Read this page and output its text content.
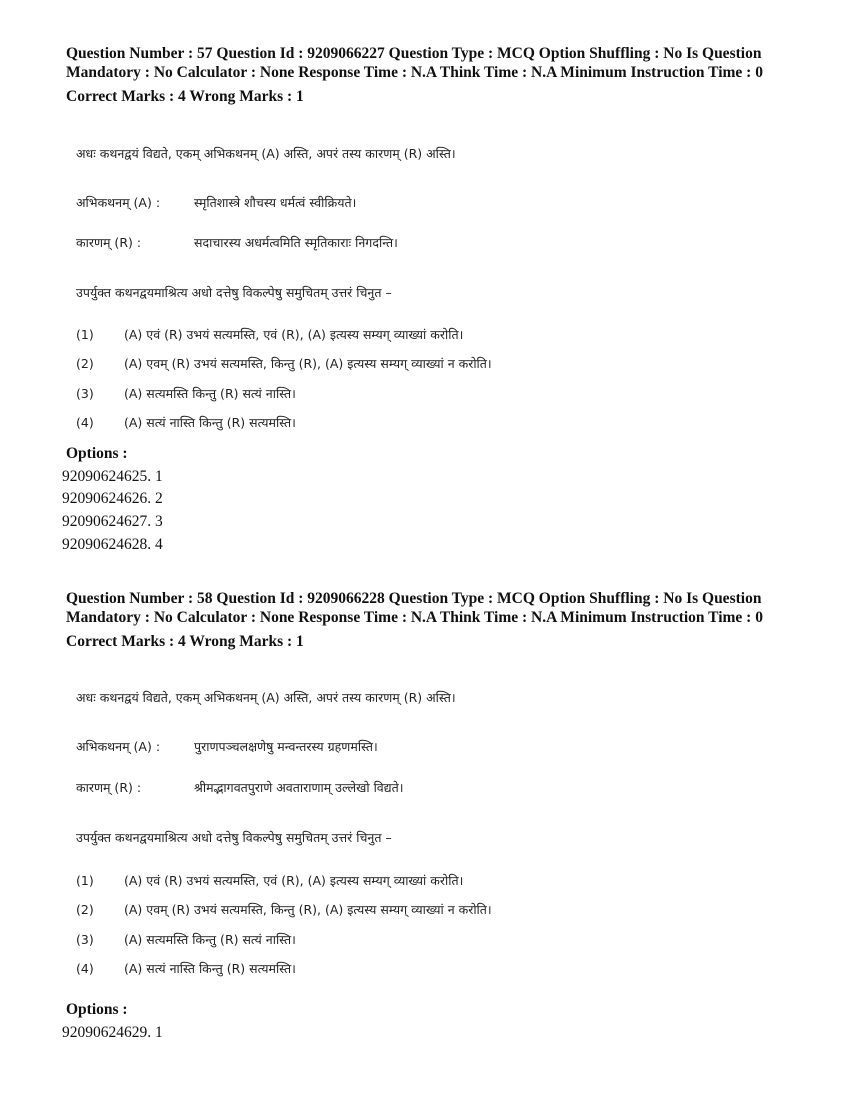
Question Number : 57 Question Id : 9209066227 Question Type : MCQ Option Shuffling : No Is Question Mandatory : No Calculator : None Response Time : N.A Think Time : N.A Minimum Instruction Time : 0

Correct Marks : 4 Wrong Marks : 1
अधः कथनद्वयं विद्यते, एकम् अभिकथनम् (A) अस्ति, अपरं तस्य कारणम् (R) अस्ति।
अभिकथनम् (A) :	स्मृतिशास्त्रे शौचस्य धर्मत्वं स्वीक्रियते।
कारणम् (R) :	सदाचारस्य अधर्मत्वमिति स्मृतिकाराः निगदन्ति।
उपर्युक्त कथनद्वयमाश्रित्य अधो दत्तेषु विकल्पेषु समुचितम् उत्तरं चिनुत –
(1) (A) एवं (R) उभयं सत्यमस्ति, एवं (R), (A) इत्यस्य सम्यग् व्याख्यां करोति।
(2) (A) एवम् (R) उभयं सत्यमस्ति, किन्तु (R), (A) इत्यस्य सम्यग् व्याख्यां न करोति।
(3) (A) सत्यमस्ति किन्तु (R) सत्यं नास्ति।
(4) (A) सत्यं नास्ति किन्तु (R) सत्यमस्ति।
Options :
92090624625. 1
92090624626. 2
92090624627. 3
92090624628. 4

Question Number : 58 Question Id : 9209066228 Question Type : MCQ Option Shuffling : No Is Question Mandatory : No Calculator : None Response Time : N.A Think Time : N.A Minimum Instruction Time : 0

Correct Marks : 4 Wrong Marks : 1
अधः कथनद्वयं विद्यते, एकम् अभिकथनम् (A) अस्ति, अपरं तस्य कारणम् (R) अस्ति।
अभिकथनम् (A) :	पुराणपञ्चलक्षणेषु मन्वन्तरस्य ग्रहणमस्ति।
कारणम् (R) :	श्रीमद्भागवतपुराणे अवताराणाम् उल्लेखो विद्यते।
उपर्युक्त कथनद्वयमाश्रित्य अधो दत्तेषु विकल्पेषु समुचितम् उत्तरं चिनुत –
(1) (A) एवं (R) उभयं सत्यमस्ति, एवं (R), (A) इत्यस्य सम्यग् व्याख्यां करोति।
(2) (A) एवम् (R) उभयं सत्यमस्ति, किन्तु (R), (A) इत्यस्य सम्यग् व्याख्यां न करोति।
(3) (A) सत्यमस्ति किन्तु (R) सत्यं नास्ति।
(4) (A) सत्यं नास्ति किन्तु (R) सत्यमस्ति।
Options :
92090624629. 1
